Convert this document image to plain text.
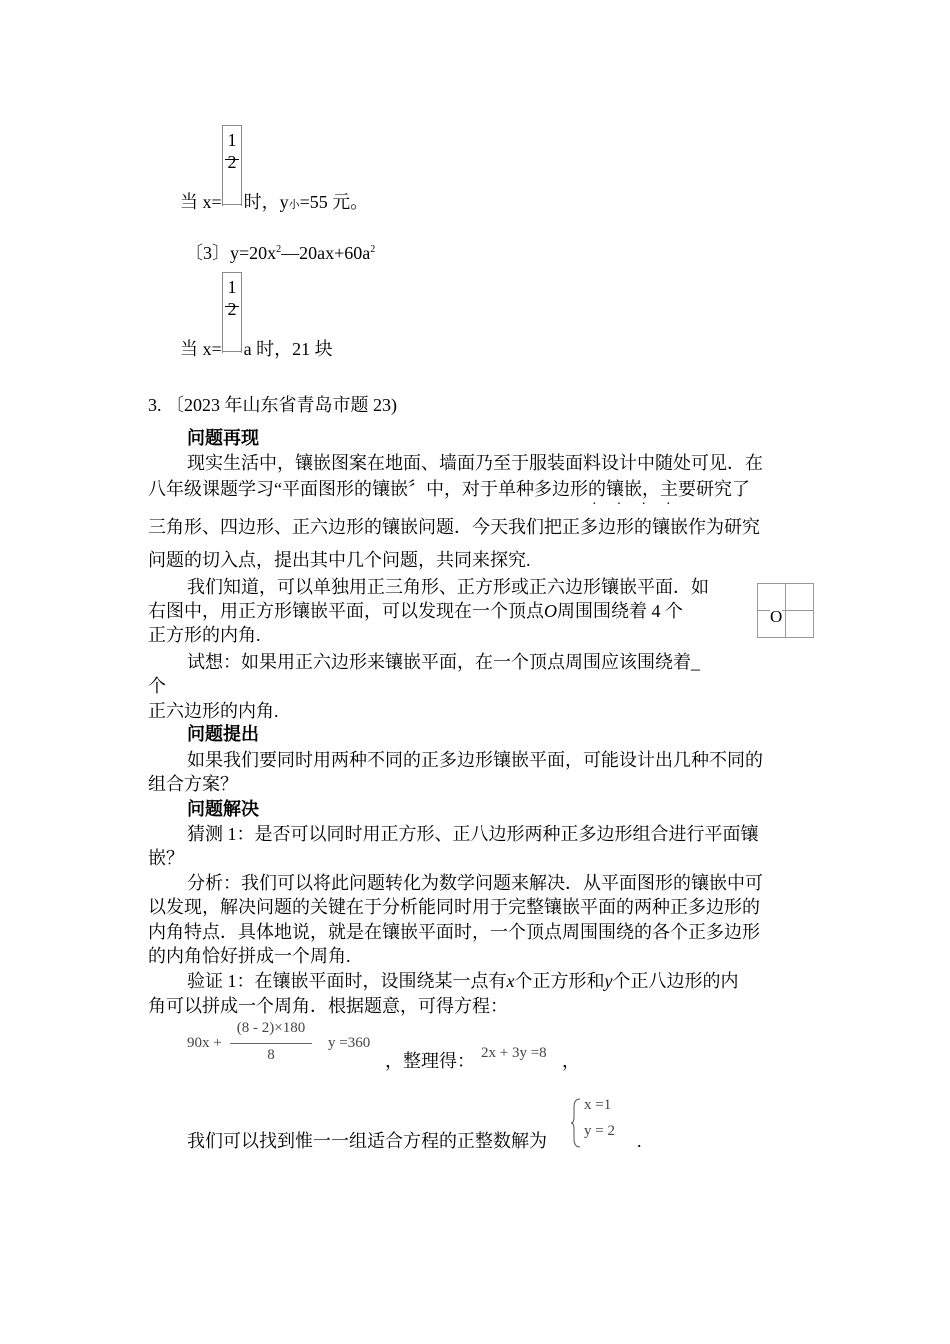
1
2
当 x= 时，y小=55 元。
〔3〕$y=20x^2—20ax+60a^2$
1
2
当 x= a 时，21 块
3. 〔2023 年山东省青岛市题 23)
问题再现
现实生活中，镶嵌图案在地面、墙面乃至于服装面料设计中随处可见．在
八年级课题学习“平面图形的镶嵌〞中，对于单种多边形的镶嵌，主要研究了
····
三角形、四边形、正六边形的镶嵌问题．今天我们把正多边形的镶嵌作为研究
问题的切入点，提出其中几个问题，共同来探究.
我们知道，可以单独用正三角形、正方形或正六边形镶嵌平面．如
右图中，用正方形镶嵌平面，可以发现在一个顶点O周围围绕着 4 个
正方形的内角.
O
试想：如果用正六边形来镶嵌平面，在一个顶点周围应该围绕着_
个
正六边形的内角.
问题提出
如果我们要同时用两种不同的正多边形镶嵌平面，可能设计出几种不同的
组合方案？
问题解决
猜测 1：是否可以同时用正方形、正八边形两种正多边形组合进行平面镶
嵌？
分析：我们可以将此问题转化为数学问题来解决．从平面图形的镶嵌中可
以发现，解决问题的关键在于分析能同时用于完整镶嵌平面的两种正多边形的
内角特点．具体地说，就是在镶嵌平面时，一个顶点周围围绕的各个正多边形
的内角恰好拼成一个周角.
验证 1：在镶嵌平面时，设围绕某一点有x个正方形和y个正八边形的内
角可以拼成一个周角．根据题意，可得方程：
90x +
(8 - 2)×180
8
y =360
，整理得： 2x + 3y =8 ，
我们可以找到惟一一组适合方程的正整数解为
x =1
y = 2 .
